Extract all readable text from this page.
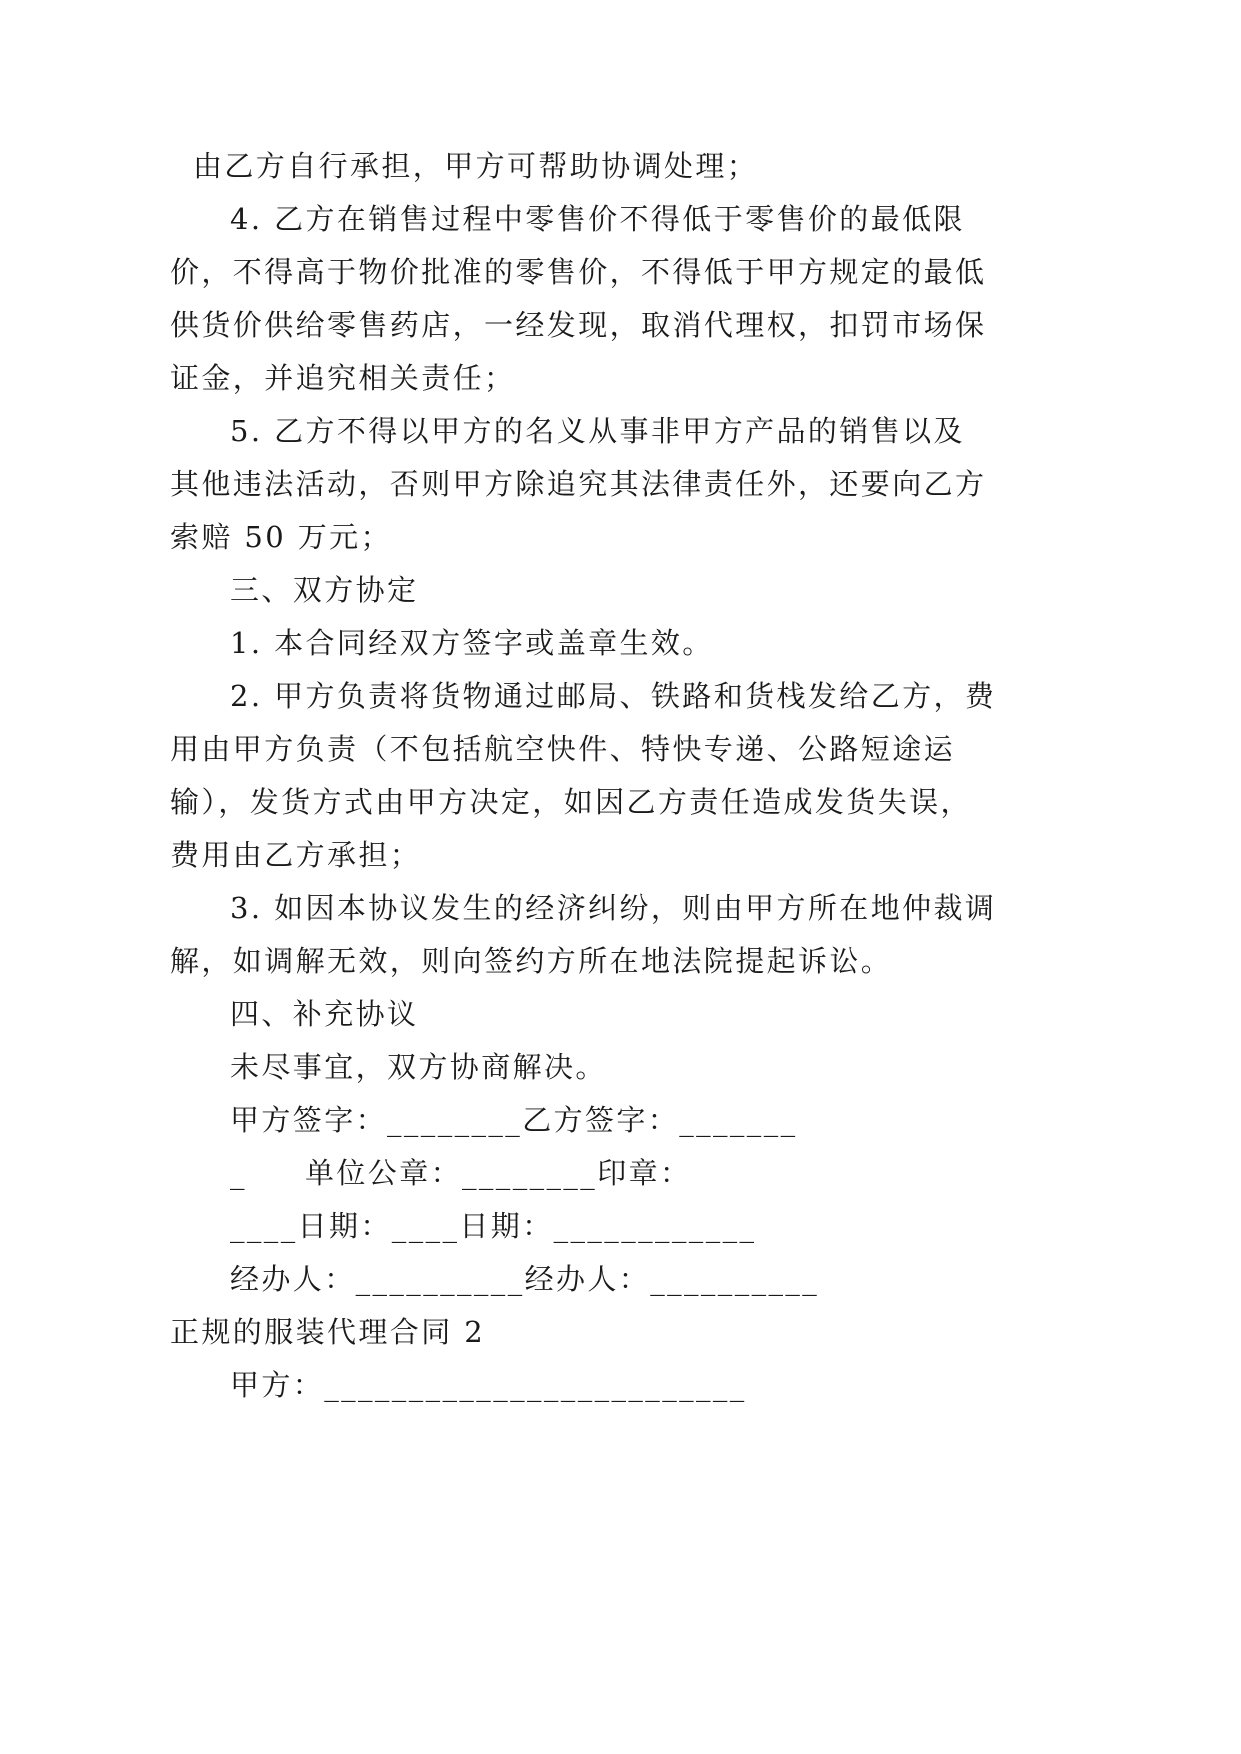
由乙方自行承担，甲方可帮助协调处理；
4. 乙方在销售过程中零售价不得低于零售价的最低限
价，不得高于物价批准的零售价，不得低于甲方规定的最低
供货价供给零售药店，一经发现，取消代理权，扣罚市场保
证金，并追究相关责任；
5. 乙方不得以甲方的名义从事非甲方产品的销售以及
其他违法活动，否则甲方除追究其法律责任外，还要向乙方
索赔 50 万元；
三、双方协定
1. 本合同经双方签字或盖章生效。
2. 甲方负责将货物通过邮局、铁路和货栈发给乙方，费
用由甲方负责（不包括航空快件、特快专递、公路短途运
输），发货方式由甲方决定，如因乙方责任造成发货失误，
费用由乙方承担；
3. 如因本协议发生的经济纠纷，则由甲方所在地仲裁调
解，如调解无效，则向签约方所在地法院提起诉讼。
四、补充协议
未尽事宜，双方协商解决。
甲方签字：________乙方签字：_______
_     单位公章：________印章：
____日期：____日期：____________
经办人：__________经办人：__________
正规的服装代理合同 2
甲方：_________________________
